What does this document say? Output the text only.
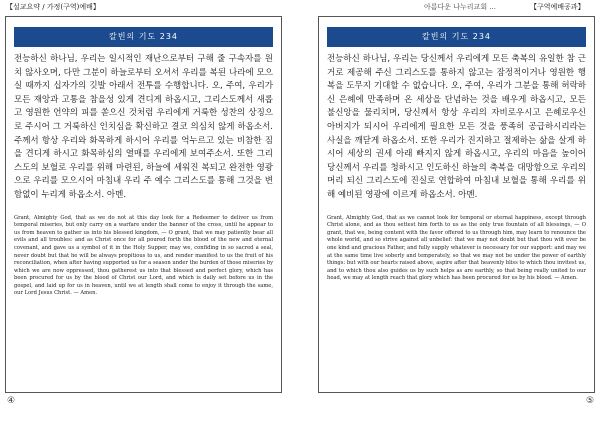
【설교요약 / 가정(구역)예배】	아름다운 나누리교회 ...	【구역예배공과】
칼빈의 기도 234
전능하신 하나님, 우리는 일시적인 재난으로부터 구해 줄 구속자를 원치 않사오며, 다만 그분이 하늘로부터 오셔서 우리를 복된 나라에 모으실 때까지 십자가의 깃발 아래서 전투를 수행합니다. 오, 주여, 우리가 모든 재앙과 고통을 참을성 있게 견디게 하옵시고, 그리스도께서 새롭고 영원한 언약의 피를 쏟으신 것처럼 우리에게 거룩한 성찬의 상징으로 주시어 그 거룩하신 인치심을 확신하고 결코 의심치 않게 하옵소서. 주께서 항상 우리와 화목하게 하시어 우리를 억누르고 있는 비참한 짐을 견디게 하시고 화목하심의 열매를 우리에게 보여주소서. 또한 그리스도의 보혈로 우리를 위해 마련된, 하늘에 세워진 복되고 완전한 영광으로 우리를 모으시어 마침내 우리 주 예수 그리스도를 통해 그것을 변함없이 누리게 하옵소서. 아멘.
Grant, Almighty God, that as we do not at this day look for a Redeemer to deliver us from temporal miseries, but only carry on a warfare under the banner of the cross, until he appear to us from heaven to gather us into his blessed kingdom, — O grant, that we may patiently bear all evils and all troubles: and as Christ once for all poured forth the blood of the new and eternal covenant, and gave us a symbol of it in the Holy Supper, may we, confiding in so sacred a seal, never doubt but that he will be always propitious to us, and render manifest to us the fruit of his reconciliation, when after having supported us for a season under the burden of those miseries by which we are now oppressed, thou gatherest us into that blessed and perfect glory, which has been procured for us by the blood of Christ our Lord, and which is daily set before us in the gospel, and laid up for us in heaven, until we at length shall come to enjoy it through the same, our Lord Jesus Christ. — Amen.
칼빈의 기도 234
전능하신 하나님, 우리는 당신께서 우리에게 모든 축복의 유일한 참 근거로 제공해 주신 그리스도를 통하지 않고는 잠정적이거나 영원한 행복을 도무지 기대할 수 없습니다. 오, 주여, 우리가 그분을 통해 허락하신 은혜에 만족하며 온 세상을 단념하는 것을 배우게 하옵시고, 모든 불신앙을 물리치며, 당신께서 항상 우리의 자비로우시고 은혜로우신 아버지가 되시어 우리에게 필요한 모든 것을 풍족히 공급하시리라는 사실을 깨닫게 하옵소서. 또한 우리가 진지하고 절제하는 삶을 살게 하시어 세상의 권세 아래 빠지지 않게 하옵시고, 우리의 마음을 높이어 당신께서 우리를 청하시고 인도하신 하늘의 축복을 대망함으로 우리의 머리 되신 그리스도에 진실로 연합하여 마침내 보혈을 통해 우리를 위해 예비된 영광에 이르게 하옵소서. 아멘.
Grant, Almighty God, that as we cannot look for temporal or eternal happiness, except through Christ alone, and as thou settest him forth to us as the only true fountain of all blessings, — O grant, that we, being content with the favor offered to us through him, may learn to renounce the whole world, and so strive against all unbelief: that we may not doubt but that thou wilt ever be one kind and gracious Father, and fully supply whatever is necessary for our support: and may we at the same time live soberly and temperately, so that we may not be under the power of earthly things: but with our hearts raised above, aspire after that heavenly bliss to which thou invitest us, and to which thou also guides us by such helps as are earthly, so that being really united to our head, we may at length reach that glory which has been procured for us by his blood. — Amen.
④	⑤
